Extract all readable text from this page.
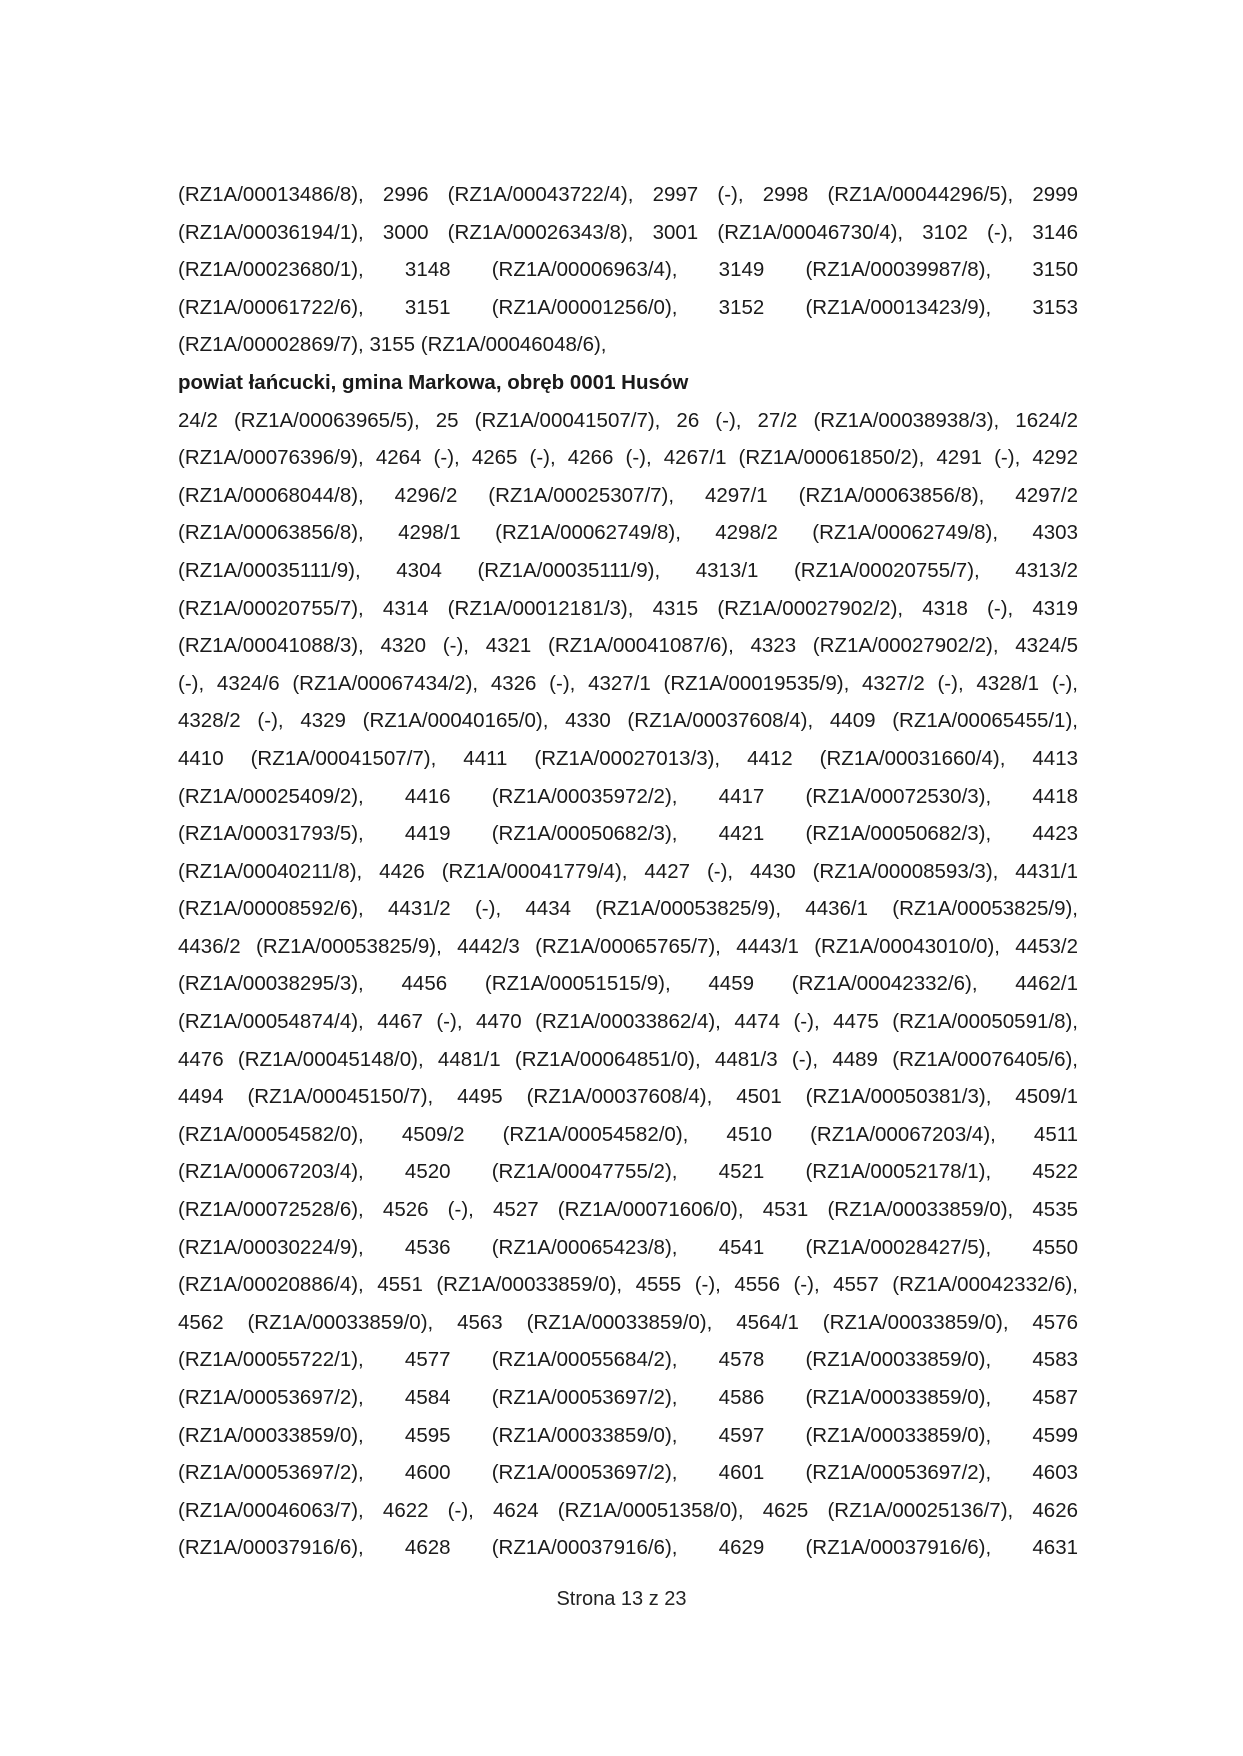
(RZ1A/00013486/8), 2996 (RZ1A/00043722/4), 2997 (-), 2998 (RZ1A/00044296/5), 2999
(RZ1A/00036194/1), 3000 (RZ1A/00026343/8), 3001 (RZ1A/00046730/4), 3102 (-), 3146
(RZ1A/00023680/1), 3148 (RZ1A/00006963/4), 3149 (RZ1A/00039987/8), 3150
(RZ1A/00061722/6), 3151 (RZ1A/00001256/0), 3152 (RZ1A/00013423/9), 3153
(RZ1A/00002869/7), 3155 (RZ1A/00046048/6),
powiat łańcucki, gmina Markowa, obręb 0001 Husów
24/2 (RZ1A/00063965/5), 25 (RZ1A/00041507/7), 26 (-), 27/2 (RZ1A/00038938/3), 1624/2
(RZ1A/00076396/9), 4264 (-), 4265 (-), 4266 (-), 4267/1 (RZ1A/00061850/2), 4291 (-), 4292
(RZ1A/00068044/8), 4296/2 (RZ1A/00025307/7), 4297/1 (RZ1A/00063856/8), 4297/2
(RZ1A/00063856/8), 4298/1 (RZ1A/00062749/8), 4298/2 (RZ1A/00062749/8), 4303
(RZ1A/00035111/9), 4304 (RZ1A/00035111/9), 4313/1 (RZ1A/00020755/7), 4313/2
(RZ1A/00020755/7), 4314 (RZ1A/00012181/3), 4315 (RZ1A/00027902/2), 4318 (-), 4319
(RZ1A/00041088/3), 4320 (-), 4321 (RZ1A/00041087/6), 4323 (RZ1A/00027902/2), 4324/5
(-), 4324/6 (RZ1A/00067434/2), 4326 (-), 4327/1 (RZ1A/00019535/9), 4327/2 (-), 4328/1 (-),
4328/2 (-), 4329 (RZ1A/00040165/0), 4330 (RZ1A/00037608/4), 4409 (RZ1A/00065455/1),
4410 (RZ1A/00041507/7), 4411 (RZ1A/00027013/3), 4412 (RZ1A/00031660/4), 4413
(RZ1A/00025409/2), 4416 (RZ1A/00035972/2), 4417 (RZ1A/00072530/3), 4418
(RZ1A/00031793/5), 4419 (RZ1A/00050682/3), 4421 (RZ1A/00050682/3), 4423
(RZ1A/00040211/8), 4426 (RZ1A/00041779/4), 4427 (-), 4430 (RZ1A/00008593/3), 4431/1
(RZ1A/00008592/6), 4431/2 (-), 4434 (RZ1A/00053825/9), 4436/1 (RZ1A/00053825/9),
4436/2 (RZ1A/00053825/9), 4442/3 (RZ1A/00065765/7), 4443/1 (RZ1A/00043010/0), 4453/2
(RZ1A/00038295/3), 4456 (RZ1A/00051515/9), 4459 (RZ1A/00042332/6), 4462/1
(RZ1A/00054874/4), 4467 (-), 4470 (RZ1A/00033862/4), 4474 (-), 4475 (RZ1A/00050591/8),
4476 (RZ1A/00045148/0), 4481/1 (RZ1A/00064851/0), 4481/3 (-), 4489 (RZ1A/00076405/6),
4494 (RZ1A/00045150/7), 4495 (RZ1A/00037608/4), 4501 (RZ1A/00050381/3), 4509/1
(RZ1A/00054582/0), 4509/2 (RZ1A/00054582/0), 4510 (RZ1A/00067203/4), 4511
(RZ1A/00067203/4), 4520 (RZ1A/00047755/2), 4521 (RZ1A/00052178/1), 4522
(RZ1A/00072528/6), 4526 (-), 4527 (RZ1A/00071606/0), 4531 (RZ1A/00033859/0), 4535
(RZ1A/00030224/9), 4536 (RZ1A/00065423/8), 4541 (RZ1A/00028427/5), 4550
(RZ1A/00020886/4), 4551 (RZ1A/00033859/0), 4555 (-), 4556 (-), 4557 (RZ1A/00042332/6),
4562 (RZ1A/00033859/0), 4563 (RZ1A/00033859/0), 4564/1 (RZ1A/00033859/0), 4576
(RZ1A/00055722/1), 4577 (RZ1A/00055684/2), 4578 (RZ1A/00033859/0), 4583
(RZ1A/00053697/2), 4584 (RZ1A/00053697/2), 4586 (RZ1A/00033859/0), 4587
(RZ1A/00033859/0), 4595 (RZ1A/00033859/0), 4597 (RZ1A/00033859/0), 4599
(RZ1A/00053697/2), 4600 (RZ1A/00053697/2), 4601 (RZ1A/00053697/2), 4603
(RZ1A/00046063/7), 4622 (-), 4624 (RZ1A/00051358/0), 4625 (RZ1A/00025136/7), 4626
(RZ1A/00037916/6), 4628 (RZ1A/00037916/6), 4629 (RZ1A/00037916/6), 4631
Strona 13 z 23
